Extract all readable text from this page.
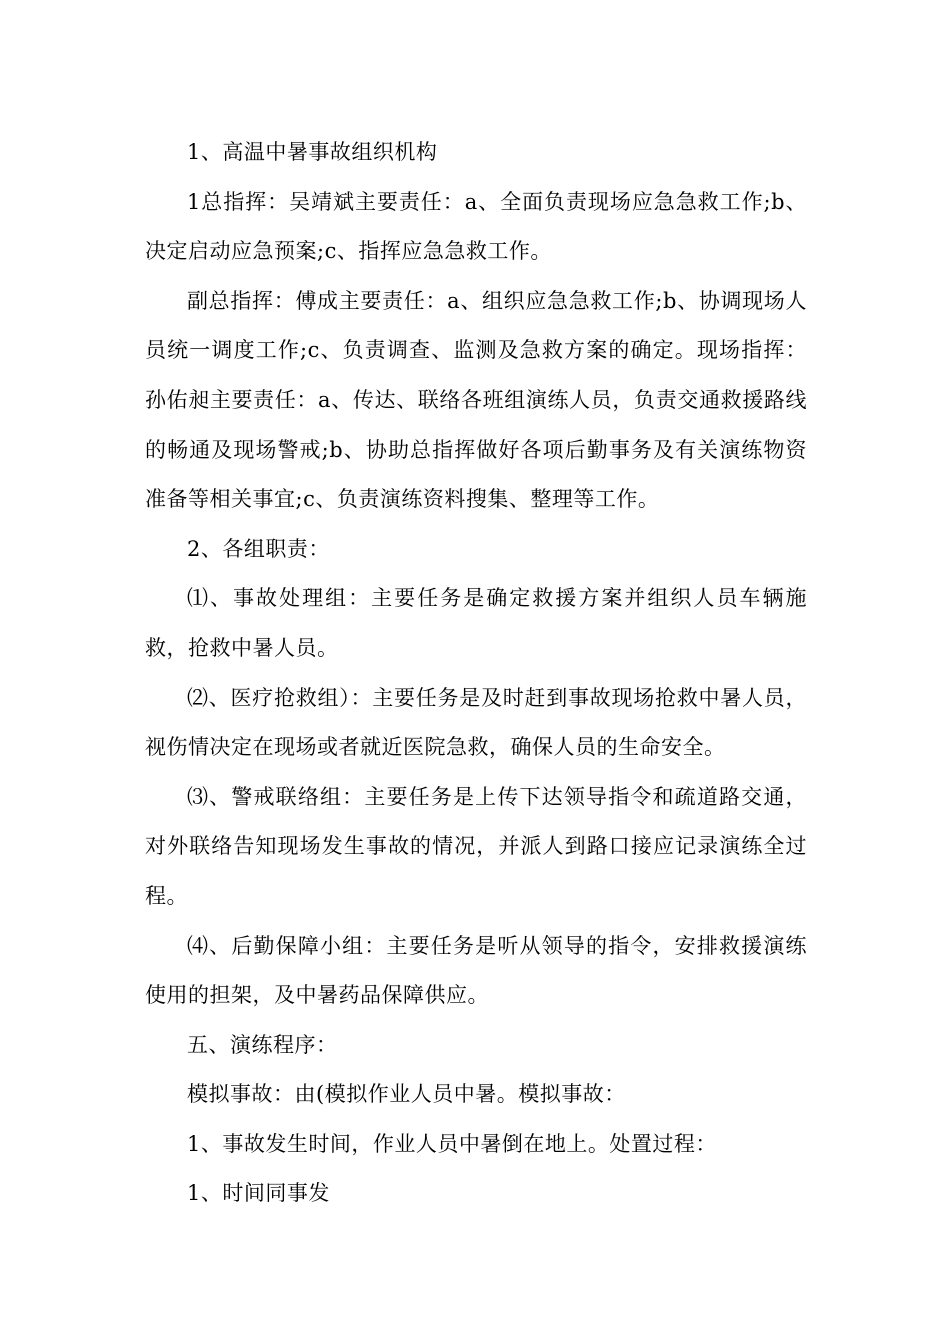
1、高温中暑事故组织机构

1总指挥：吴靖斌主要责任：a、全面负责现场应急急救工作;b、决定启动应急预案;c、指挥应急急救工作。

副总指挥：傅成主要责任：a、组织应急急救工作;b、协调现场人员统一调度工作;c、负责调查、监测及急救方案的确定。现场指挥：孙佑昶主要责任：a、传达、联络各班组演练人员，负责交通救援路线的畅通及现场警戒;b、协助总指挥做好各项后勤事务及有关演练物资准备等相关事宜;c、负责演练资料搜集、整理等工作。

2、各组职责：

⑴、事故处理组：主要任务是确定救援方案并组织人员车辆施救，抢救中暑人员。

⑵、医疗抢救组）：主要任务是及时赶到事故现场抢救中暑人员，视伤情决定在现场或者就近医院急救，确保人员的生命安全。

⑶、警戒联络组：主要任务是上传下达领导指令和疏道路交通，对外联络告知现场发生事故的情况，并派人到路口接应记录演练全过程。

⑷、后勤保障小组：主要任务是听从领导的指令，安排救援演练使用的担架，及中暑药品保障供应。

五、演练程序：

模拟事故：由(模拟作业人员中暑。模拟事故：

1、事故发生时间，作业人员中暑倒在地上。处置过程：

1、时间同事发
